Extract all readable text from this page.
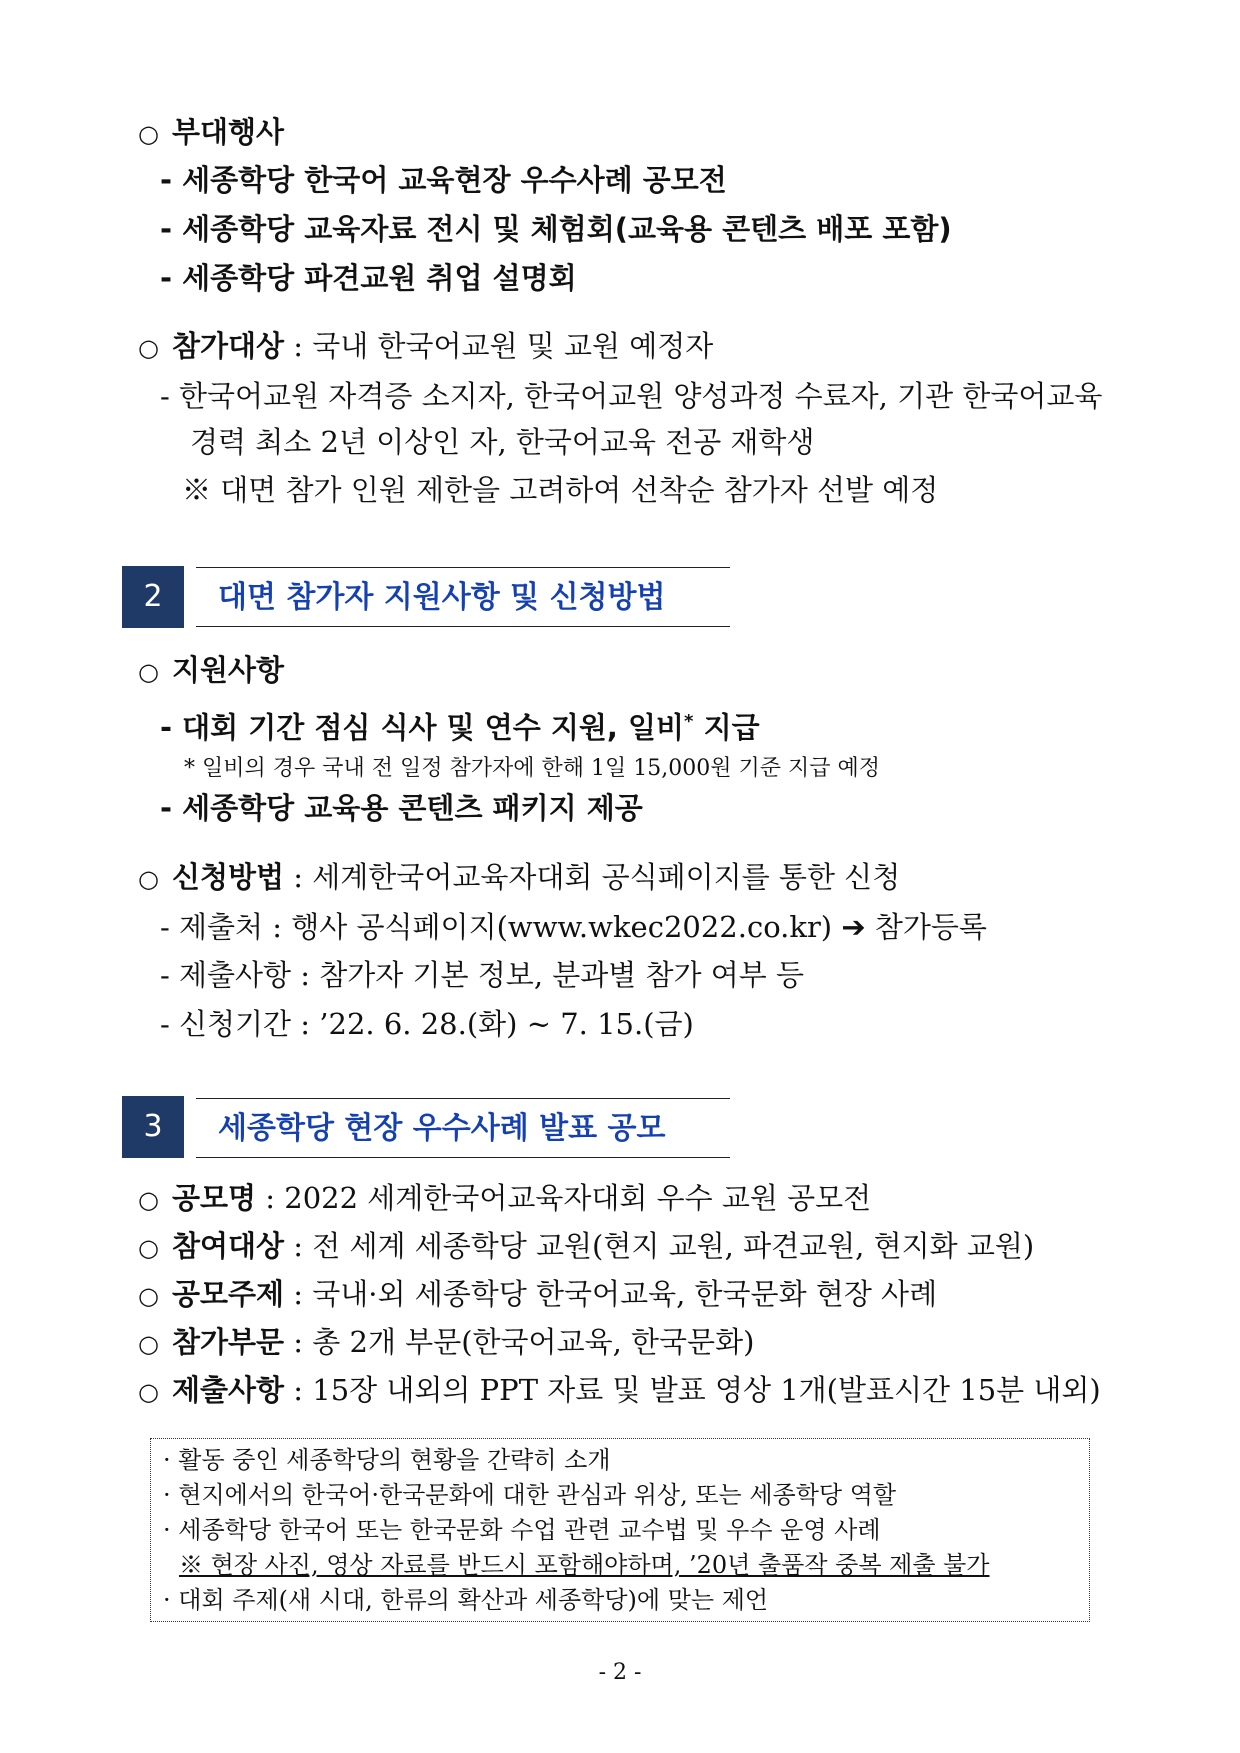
○ 부대행사
- 세종학당 한국어 교육현장 우수사례 공모전
- 세종학당 교육자료 전시 및 체험회(교육용 콘텐츠 배포 포함)
- 세종학당 파견교원 취업 설명회
○ 참가대상 : 국내 한국어교원 및 교원 예정자
- 한국어교원 자격증 소지자, 한국어교원 양성과정 수료자, 기관 한국어교육
경력 최소 2년 이상인 자, 한국어교육 전공 재학생
※ 대면 참가 인원 제한을 고려하여 선착순 참가자 선발 예정
2	대면 참가자 지원사항 및 신청방법
○ 지원사항
- 대회 기간 점심 식사 및 연수 지원, 일비* 지급
* 일비의 경우 국내 전 일정 참가자에 한해 1일 15,000원 기준 지급 예정
- 세종학당 교육용 콘텐츠 패키지 제공
○ 신청방법 : 세계한국어교육자대회 공식페이지를 통한 신청
- 제출처 : 행사 공식페이지(www.wkec2022.co.kr) ➔ 참가등록
- 제출사항 : 참가자 기본 정보, 분과별 참가 여부 등
- 신청기간 : ’22. 6. 28.(화) ~ 7. 15.(금)
3	세종학당 현장 우수사례 발표 공모
○ 공모명 : 2022 세계한국어교육자대회 우수 교원 공모전
○ 참여대상 : 전 세계 세종학당 교원(현지 교원, 파견교원, 현지화 교원)
○ 공모주제 : 국내·외 세종학당 한국어교육, 한국문화 현장 사례
○ 참가부문 : 총 2개 부문(한국어교육, 한국문화)
○ 제출사항 : 15장 내외의 PPT 자료 및 발표 영상 1개(발표시간 15분 내외)
· 활동 중인 세종학당의 현황을 간략히 소개
· 현지에서의 한국어·한국문화에 대한 관심과 위상, 또는 세종학당 역할
· 세종학당 한국어 또는 한국문화 수업 관련 교수법 및 우수 운영 사례
※ 현장 사진, 영상 자료를 반드시 포함해야하며, ’20년 출품작 중복 제출 불가
· 대회 주제(새 시대, 한류의 확산과 세종학당)에 맞는 제언
- 2 -
